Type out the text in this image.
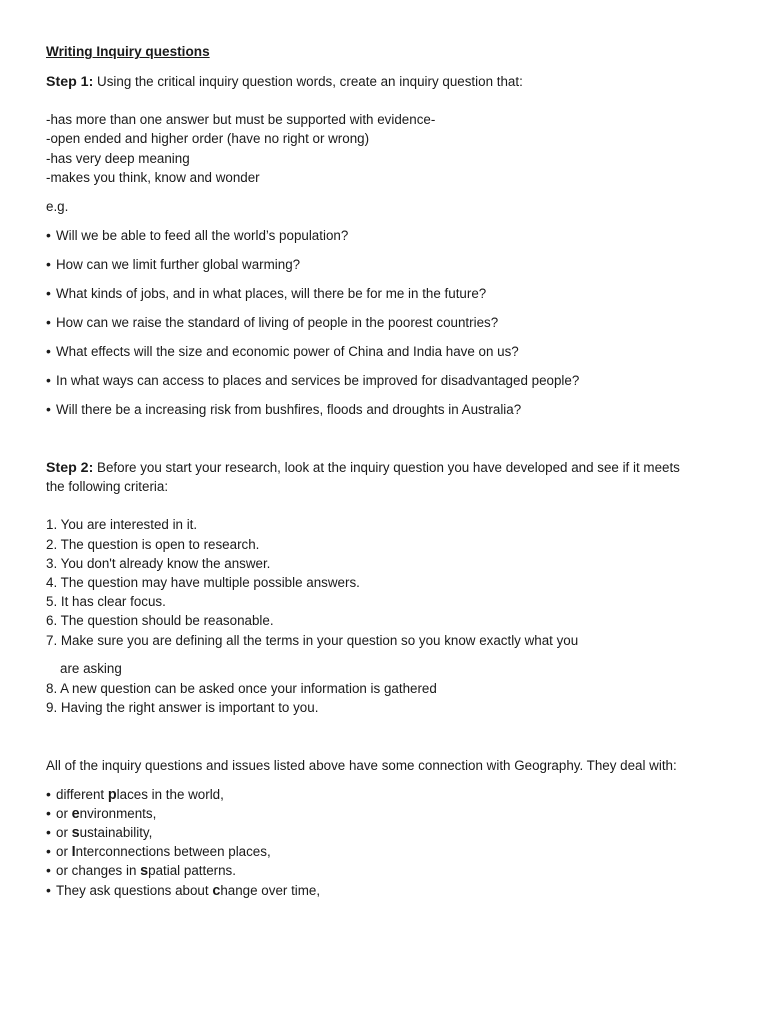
Writing Inquiry questions
Step 1: Using the critical inquiry question words, create an inquiry question that:
-has more than one answer but must be supported with evidence-
-open ended and higher order (have no right or wrong)
-has very deep meaning
-makes you think, know and wonder
e.g.
• Will we be able to feed all the world’s population?
• How can we limit further global warming?
• What kinds of jobs, and in what places, will there be for me in the future?
• How can we raise the standard of living of people in the poorest countries?
• What effects will the size and economic power of China and India have on us?
• In what ways can access to places and services be improved for disadvantaged people?
• Will there be a increasing risk from bushfires, floods and droughts in Australia?
Step 2: Before you start your research, look at the inquiry question you have developed and see if it meets
the following criteria:
1. You are interested in it.
2. The question is open to research.
3. You don't already know the answer.
4. The question may have multiple possible answers.
5. It has clear focus.
6. The question should be reasonable.
7. Make sure you are defining all the terms in your question so you know exactly what you
are asking
8. A new question can be asked once your information is gathered
9. Having the right answer is important to you.
All of the inquiry questions and issues listed above have some connection with Geography. They deal with:
• different places in the world,
• or environments,
• or sustainability,
• or Interconnections between places,
• or changes in spatial patterns.
• They ask questions about change over time,
